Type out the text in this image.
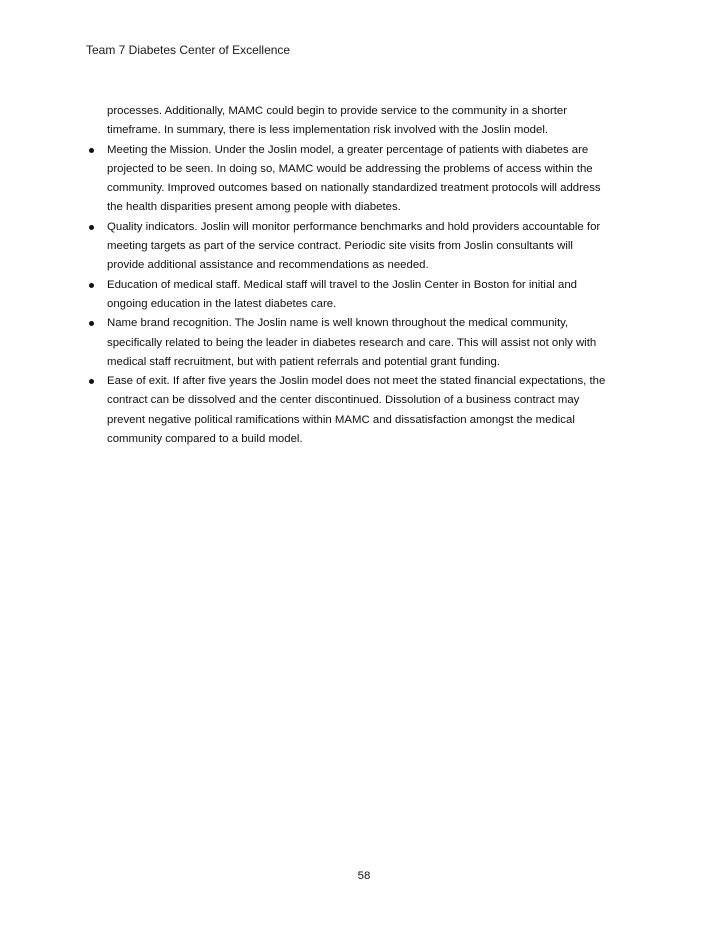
Team 7 Diabetes Center of Excellence
processes. Additionally, MAMC could begin to provide service to the community in a shorter
timeframe. In summary, there is less implementation risk involved with the Joslin model.
Meeting the Mission. Under the Joslin model, a greater percentage of patients with diabetes are
projected to be seen. In doing so, MAMC would be addressing the problems of access within the
community. Improved outcomes based on nationally standardized treatment protocols will address
the health disparities present among people with diabetes.
Quality indicators. Joslin will monitor performance benchmarks and hold providers accountable for
meeting targets as part of the service contract. Periodic site visits from Joslin consultants will
provide additional assistance and recommendations as needed.
Education of medical staff. Medical staff will travel to the Joslin Center in Boston for initial and
ongoing education in the latest diabetes care.
Name brand recognition. The Joslin name is well known throughout the medical community,
specifically related to being the leader in diabetes research and care. This will assist not only with
medical staff recruitment, but with patient referrals and potential grant funding.
Ease of exit. If after five years the Joslin model does not meet the stated financial expectations, the
contract can be dissolved and the center discontinued. Dissolution of a business contract may
prevent negative political ramifications within MAMC and dissatisfaction amongst the medical
community compared to a build model.
58
